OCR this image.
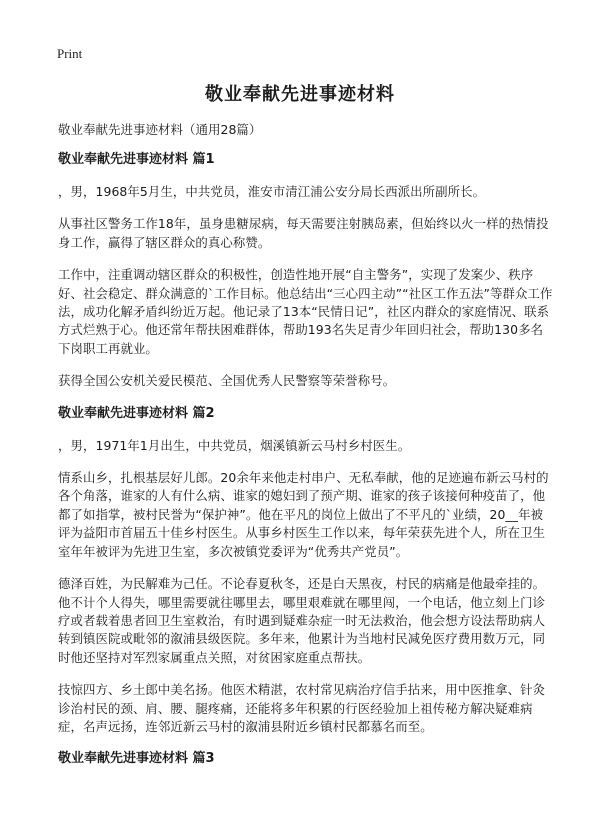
Print
敬业奉献先进事迹材料
敬业奉献先进事迹材料（通用28篇）
敬业奉献先进事迹材料 篇1

，男，1968年5月生，中共党员，淮安市清江浦公安分局长西派出所副所长。

从事社区警务工作18年，虽身患糖尿病，每天需要注射胰岛素，但始终以火一样的热情投身工作，赢得了辖区群众的真心称赞。

工作中，注重调动辖区群众的积极性，创造性地开展“自主警务”，实现了发案少、秩序好、社会稳定、群众满意的`工作目标。他总结出“三心四主动”“社区工作五法”等群众工作法，成功化解矛盾纠纷近万起。他记录了13本“民情日记”，社区内群众的家庭情况、联系方式烂熟于心。他还常年帮扶困难群体，帮助193名失足青少年回归社会，帮助130多名下岗职工再就业。

获得全国公安机关爱民模范、全国优秀人民警察等荣誉称号。

敬业奉献先进事迹材料 篇2

，男，1971年1月出生，中共党员，烟溪镇新云马村乡村医生。

情系山乡，扎根基层好儿郎。20余年来他走村串户、无私奉献，他的足迹遍布新云马村的各个角落，谁家的人有什么病、谁家的媳妇到了预产期、谁家的孩子该接何种疫苗了，他都了如指掌，被村民誉为“保护神”。他在平凡的岗位上做出了不平凡的`业绩，20__年被评为益阳市首届五十佳乡村医生。从事乡村医生工作以来，每年荣获先进个人，所在卫生室年年被评为先进卫生室，多次被镇党委评为“优秀共产党员”。

德泽百姓，为民解难为己任。不论春夏秋冬，还是白天黑夜，村民的病痛是他最牵挂的。他不计个人得失，哪里需要就往哪里去，哪里艰难就在哪里闯，一个电话，他立刻上门诊疗或者载着患者回卫生室救治，有时遇到疑难杂症一时无法救治，他会想方设法帮助病人转到镇医院或毗邻的溆浦县级医院。多年来，他累计为当地村民减免医疗费用数万元，同时他还坚持对军烈家属重点关照，对贫困家庭重点帮扶。

技惊四方、乡土郎中美名扬。他医术精湛，农村常见病治疗信手拈来，用中医推拿、针灸诊治村民的颈、肩、腰、腿疼痛，还能将多年积累的行医经验加上祖传秘方解决疑难病症，名声远扬，连邻近新云马村的溆浦县附近乡镇村民都慕名而至。

敬业奉献先进事迹材料 篇3
